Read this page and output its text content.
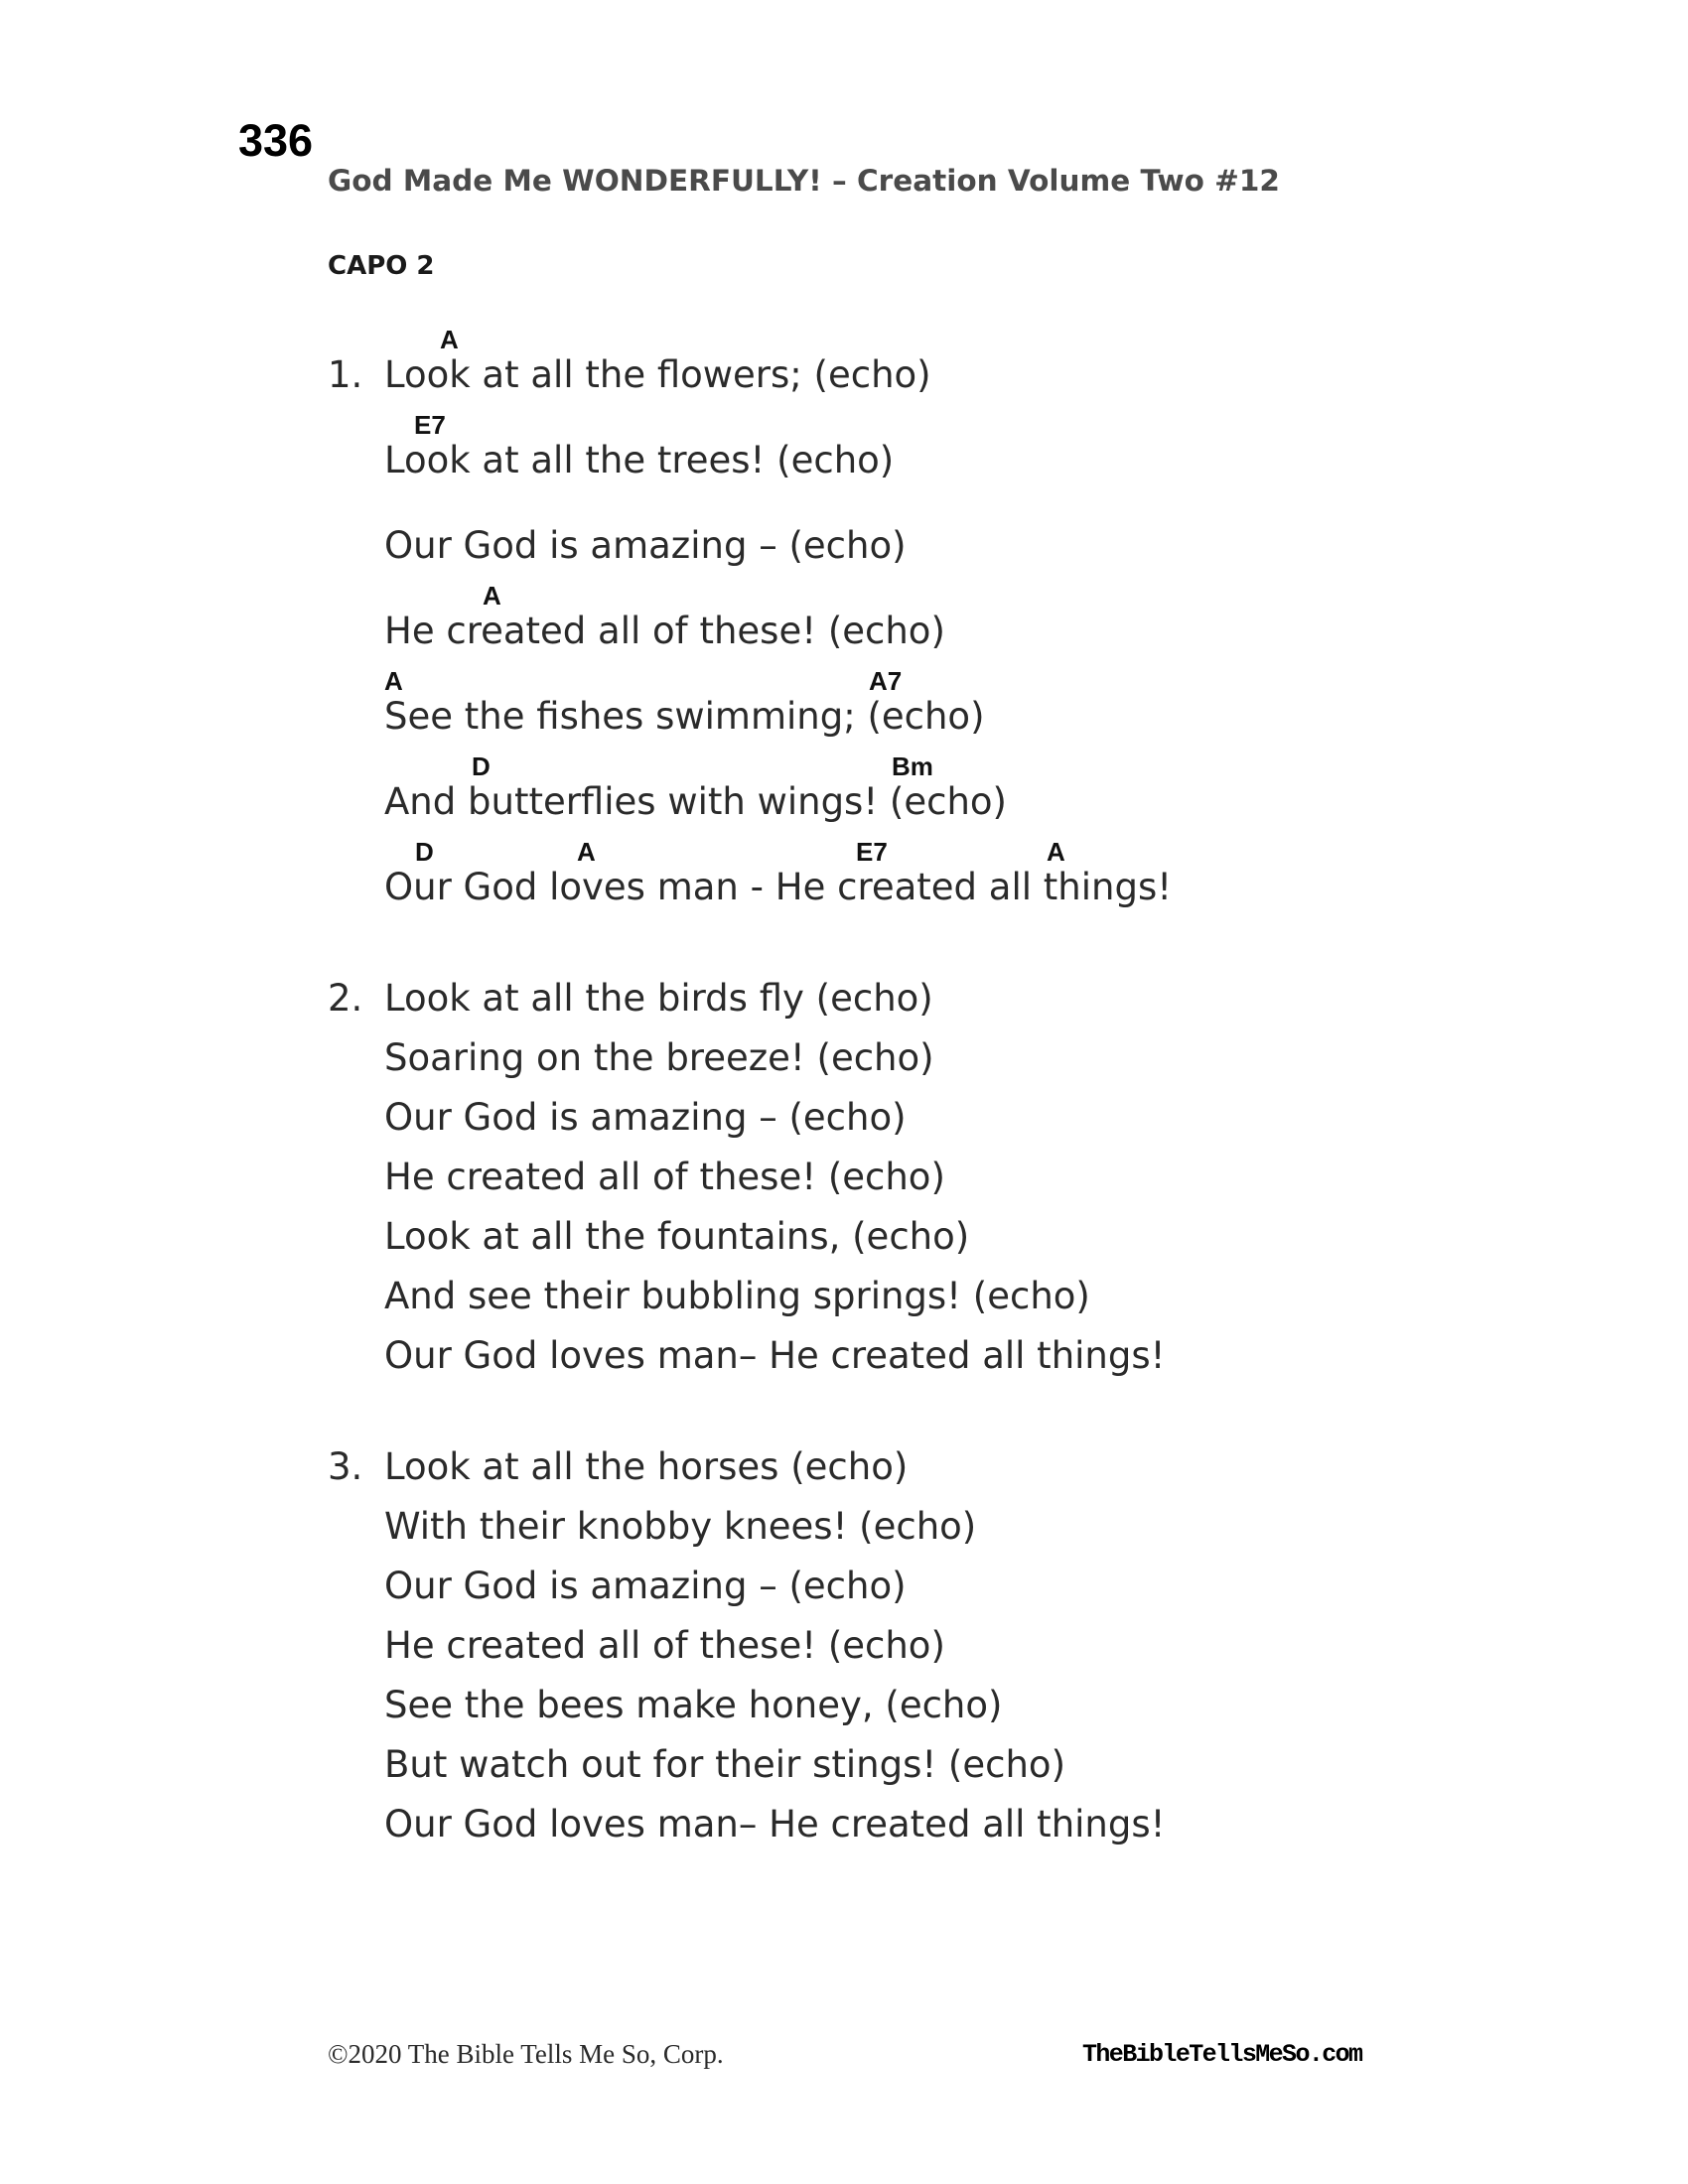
336
God Made Me WONDERFULLY! – Creation Volume Two #12
CAPO 2
1.
A
Look at all the flowers; (echo)
E7
Look at all the trees! (echo)
Our God is amazing – (echo)
A
He created all of these! (echo)
A	A7
See the fishes swimming; (echo)
D	Bm
And butterflies with wings! (echo)
D	A	E7	A
Our God loves man - He created all things!
2. Look at all the birds fly (echo)
Soaring on the breeze! (echo)
Our God is amazing – (echo)
He created all of these! (echo)
Look at all the fountains, (echo)
And see their bubbling springs! (echo)
Our God loves man– He created all things!
3. Look at all the horses (echo)
With their knobby knees! (echo)
Our God is amazing – (echo)
He created all of these! (echo)
See the bees make honey, (echo)
But watch out for their stings! (echo)
Our God loves man– He created all things!
©2020 The Bible Tells Me So, Corp.	TheBibleTellsMeSo.com
